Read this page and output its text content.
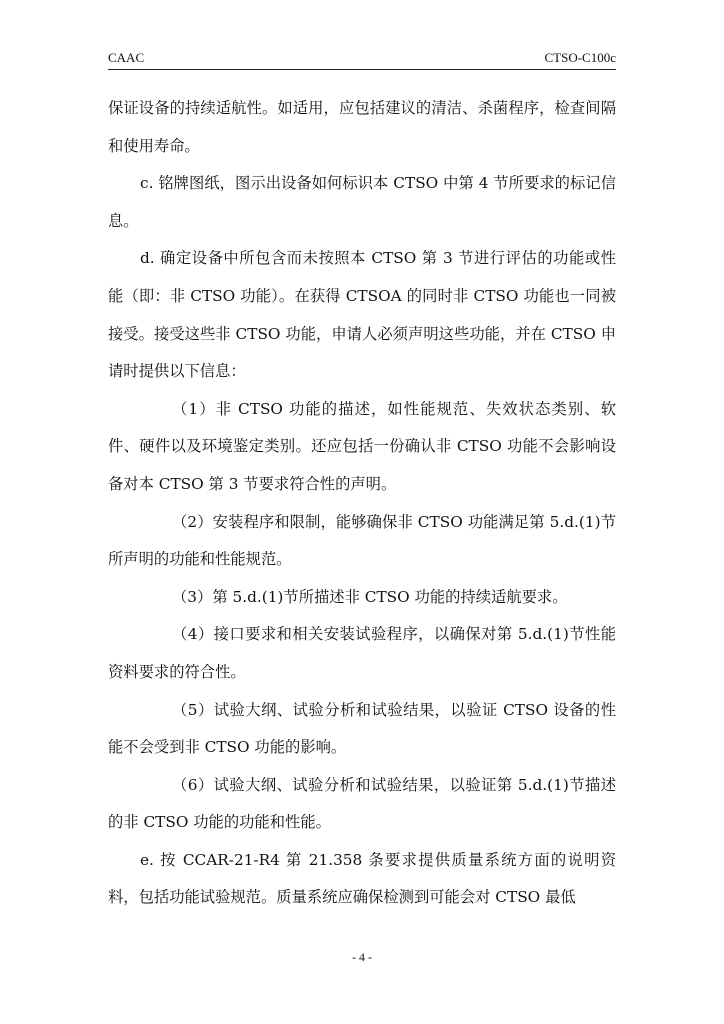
CAAC	CTSO-C100c

保证设备的持续适航性。如适用，应包括建议的清洁、杀菌程序，检查间隔和使用寿命。

c. 铭牌图纸，图示出设备如何标识本 CTSO 中第 4 节所要求的标记信息。

d. 确定设备中所包含而未按照本 CTSO 第 3 节进行评估的功能或性能（即：非 CTSO 功能）。在获得 CTSOA 的同时非 CTSO 功能也一同被接受。接受这些非 CTSO 功能，申请人必须声明这些功能，并在 CTSO 申请时提供以下信息：

（1）非 CTSO 功能的描述，如性能规范、失效状态类别、软件、硬件以及环境鉴定类别。还应包括一份确认非 CTSO 功能不会影响设备对本 CTSO 第 3 节要求符合性的声明。

（2）安装程序和限制，能够确保非 CTSO 功能满足第 5.d.(1)节所声明的功能和性能规范。

（3）第 5.d.(1)节所描述非 CTSO 功能的持续适航要求。

（4）接口要求和相关安装试验程序，以确保对第 5.d.(1)节性能资料要求的符合性。

（5）试验大纲、试验分析和试验结果，以验证 CTSO 设备的性能不会受到非 CTSO 功能的影响。

（6）试验大纲、试验分析和试验结果，以验证第 5.d.(1)节描述的非 CTSO 功能的功能和性能。

e. 按 CCAR-21-R4 第 21.358 条要求提供质量系统方面的说明资料，包括功能试验规范。质量系统应确保检测到可能会对 CTSO 最低

- 4 -
